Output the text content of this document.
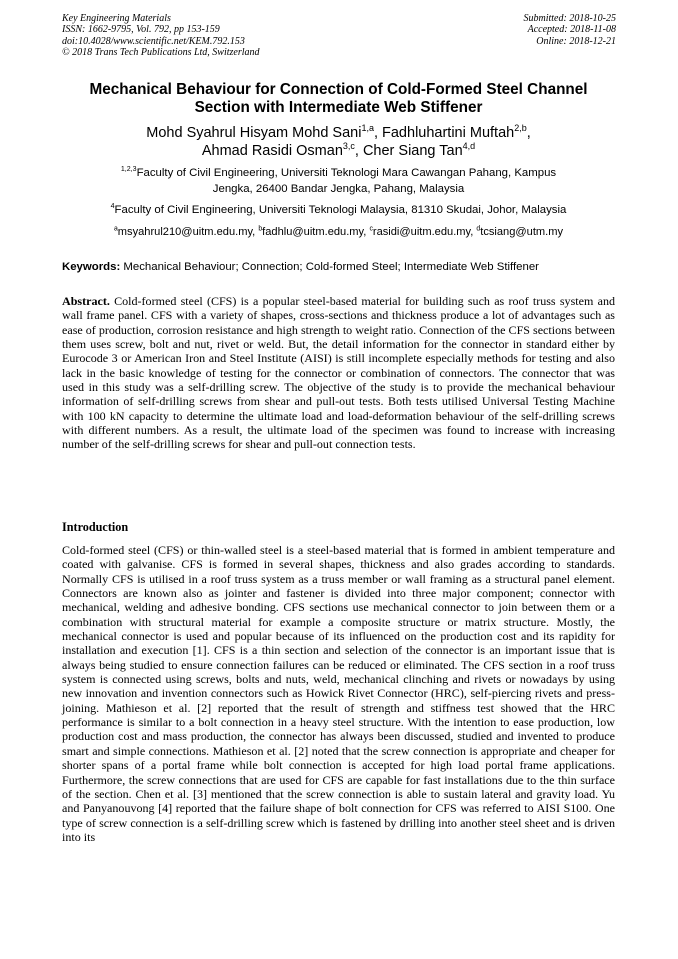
Key Engineering Materials
ISSN: 1662-9795, Vol. 792, pp 153-159
doi:10.4028/www.scientific.net/KEM.792.153
© 2018 Trans Tech Publications Ltd, Switzerland
Submitted: 2018-10-25
Accepted: 2018-11-08
Online: 2018-12-21
Mechanical Behaviour for Connection of Cold-Formed Steel Channel
Section with Intermediate Web Stiffener
Mohd Syahrul Hisyam Mohd Sani$^{1,a}$, Fadhluhartini Muftah$^{2,b}$,
Ahmad Rasidi Osman$^{3,c}$, Cher Siang Tan$^{4,d}$
$^{1,2,3}$Faculty of Civil Engineering, Universiti Teknologi Mara Cawangan Pahang, Kampus
Jengka, 26400 Bandar Jengka, Pahang, Malaysia
$^4$Faculty of Civil Engineering, Universiti Teknologi Malaysia, 81310 Skudai, Johor, Malaysia
$^a$msyahrul210@uitm.edu.my, $^b$fadhlu@uitm.edu.my, $^c$rasidi@uitm.edu.my, $^d$tcsiang@utm.my
Keywords: Mechanical Behaviour; Connection; Cold-formed Steel; Intermediate Web Stiffener
Abstract. Cold-formed steel (CFS) is a popular steel-based material for building such as roof truss system and wall frame panel. CFS with a variety of shapes, cross-sections and thickness produce a lot of advantages such as ease of production, corrosion resistance and high strength to weight ratio. Connection of the CFS sections between them uses screw, bolt and nut, rivet or weld. But, the detail information for the connector in standard either by Eurocode 3 or American Iron and Steel Institute (AISI) is still incomplete especially methods for testing and also lack in the basic knowledge of testing for the connector or combination of connectors. The connector that was used in this study was a self-drilling screw. The objective of the study is to provide the mechanical behaviour information of self-drilling screws from shear and pull-out tests. Both tests utilised Universal Testing Machine with 100 kN capacity to determine the ultimate load and load-deformation behaviour of the self-drilling screws with different numbers. As a result, the ultimate load of the specimen was found to increase with increasing number of the self-drilling screws for shear and pull-out connection tests.
Introduction
Cold-formed steel (CFS) or thin-walled steel is a steel-based material that is formed in ambient temperature and coated with galvanise. CFS is formed in several shapes, thickness and also grades according to standards. Normally CFS is utilised in a roof truss system as a truss member or wall framing as a structural panel element. Connectors are known also as jointer and fastener is divided into three major component; connector with mechanical, welding and adhesive bonding. CFS sections use mechanical connector to join between them or a combination with structural material for example a composite structure or matrix structure. Mostly, the mechanical connector is used and popular because of its influenced on the production cost and its rapidity for installation and execution [1]. CFS is a thin section and selection of the connector is an important issue that is always being studied to ensure connection failures can be reduced or eliminated. The CFS section in a roof truss system is connected using screws, bolts and nuts, weld, mechanical clinching and rivets or nowadays by using new innovation and invention connectors such as Howick Rivet Connector (HRC), self-piercing rivets and press-joining. Mathieson et al. [2] reported that the result of strength and stiffness test showed that the HRC performance is similar to a bolt connection in a heavy steel structure. With the intention to ease production, low production cost and mass production, the connector has always been discussed, studied and invented to produce smart and simple connections. Mathieson et al. [2] noted that the screw connection is appropriate and cheaper for shorter spans of a portal frame while bolt connection is accepted for high load portal frame applications. Furthermore, the screw connections that are used for CFS are capable for fast installations due to the thin surface of the section. Chen et al. [3] mentioned that the screw connection is able to sustain lateral and gravity load. Yu and Panyanouvong [4] reported that the failure shape of bolt connection for CFS was referred to AISI S100. One type of screw connection is a self-drilling screw which is fastened by drilling into another steel sheet and is driven into its
